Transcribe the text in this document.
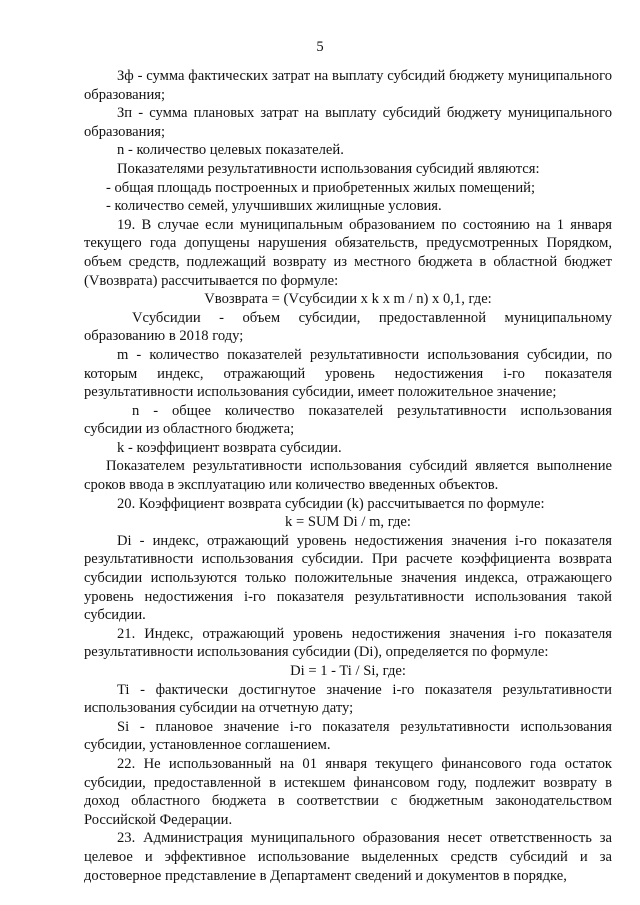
5

Зф - сумма фактических затрат на выплату субсидий бюджету муниципального образования;

Зп - сумма плановых затрат на выплату субсидий бюджету муниципального образования;

n - количество целевых показателей.

Показателями результативности использования субсидий являются:

- общая площадь построенных и приобретенных жилых помещений;

- количество семей, улучшивших жилищные условия.

19. В случае если муниципальным образованием по состоянию на 1 января текущего года допущены нарушения обязательств, предусмотренных Порядком, объем средств, подлежащий возврату из местного бюджета в областной бюджет (Vвозврата) рассчитывается по формуле:

Vвозврата = (Vсубсидии x k x m / n) x 0,1, где:

Vсубсидии - объем субсидии, предоставленной муниципальному образованию в 2018 году;

m - количество показателей результативности использования субсидии, по которым индекс, отражающий уровень недостижения i-го показателя результативности использования субсидии, имеет положительное значение;

n - общее количество показателей результативности использования субсидии из областного бюджета;

k - коэффициент возврата субсидии.

Показателем результативности использования субсидий является выполнение сроков ввода в эксплуатацию или количество введенных объектов.

20. Коэффициент возврата субсидии (k) рассчитывается по формуле:

k = SUM Di / m, где:

Di - индекс, отражающий уровень недостижения значения i-го показателя результативности использования субсидии. При расчете коэффициента возврата субсидии используются только положительные значения индекса, отражающего уровень недостижения i-го показателя результативности использования такой субсидии.

21. Индекс, отражающий уровень недостижения значения i-го показателя результативности использования субсидии (Di), определяется по формуле:

Di = 1 - Ti / Si, где:

Ti - фактически достигнутое значение i-го показателя результативности использования субсидии на отчетную дату;

Si - плановое значение i-го показателя результативности использования субсидии, установленное соглашением.

22. Не использованный на 01 января текущего финансового года остаток субсидии, предоставленной в истекшем финансовом году, подлежит возврату в доход областного бюджета в соответствии с бюджетным законодательством Российской Федерации.

23. Администрация муниципального образования несет ответственность за целевое и эффективное использование выделенных средств субсидий и за достоверное представление в Департамент сведений и документов в порядке,
